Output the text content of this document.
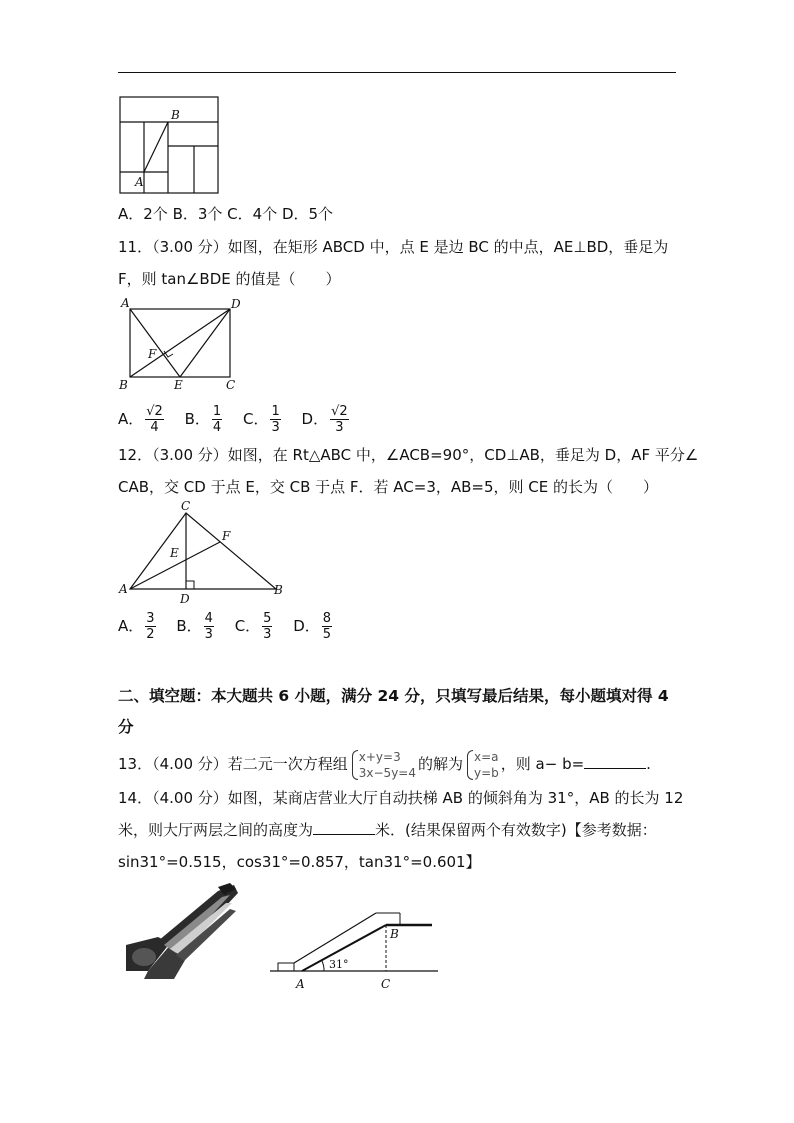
B
A
A．2个 B．3个 C．4个 D．5个
11．（3.00 分）如图，在矩形 ABCD 中，点 E 是边 BC 的中点，AE⊥BD，垂足为
F，则 tan∠BDE 的值是（　　）
A	D
F
B	E	C
A． $\frac{√2}{4}$ B． $\frac{1}{4}$ C． $\frac{1}{3}$ D． $\frac{√2}{3}$
12．（3.00 分）如图，在 Rt△ABC 中，∠ACB=90°，CD⊥AB，垂足为 D，AF 平分∠
CAB，交 CD 于点 E，交 CB 于点 F．若 AC=3，AB=5，则 CE 的长为（　　）
C
F
E
A
D
B
A． $\frac{3}{2}$ B． $\frac{4}{3}$ C． $\frac{5}{3}$ D． $\frac{8}{5}$
二、填空题：本大题共 6 小题，满分 24 分，只填写最后结果，每小题填对得 4
分
13．（4.00 分）若二元一次方程组 x+y=3
3x−5y=4 的解为 x=a
y=b ，则 a− b=	.
14．（4.00 分）如图，某商店营业大厅自动扶梯 AB 的倾斜角为 31°，AB 的长为 12
米，则大厅两层之间的高度为	米．(结果保留两个有效数字)【参考数据：
sin31°=0.515，cos31°=0.857，tan31°=0.601】
A
B
C
31°
